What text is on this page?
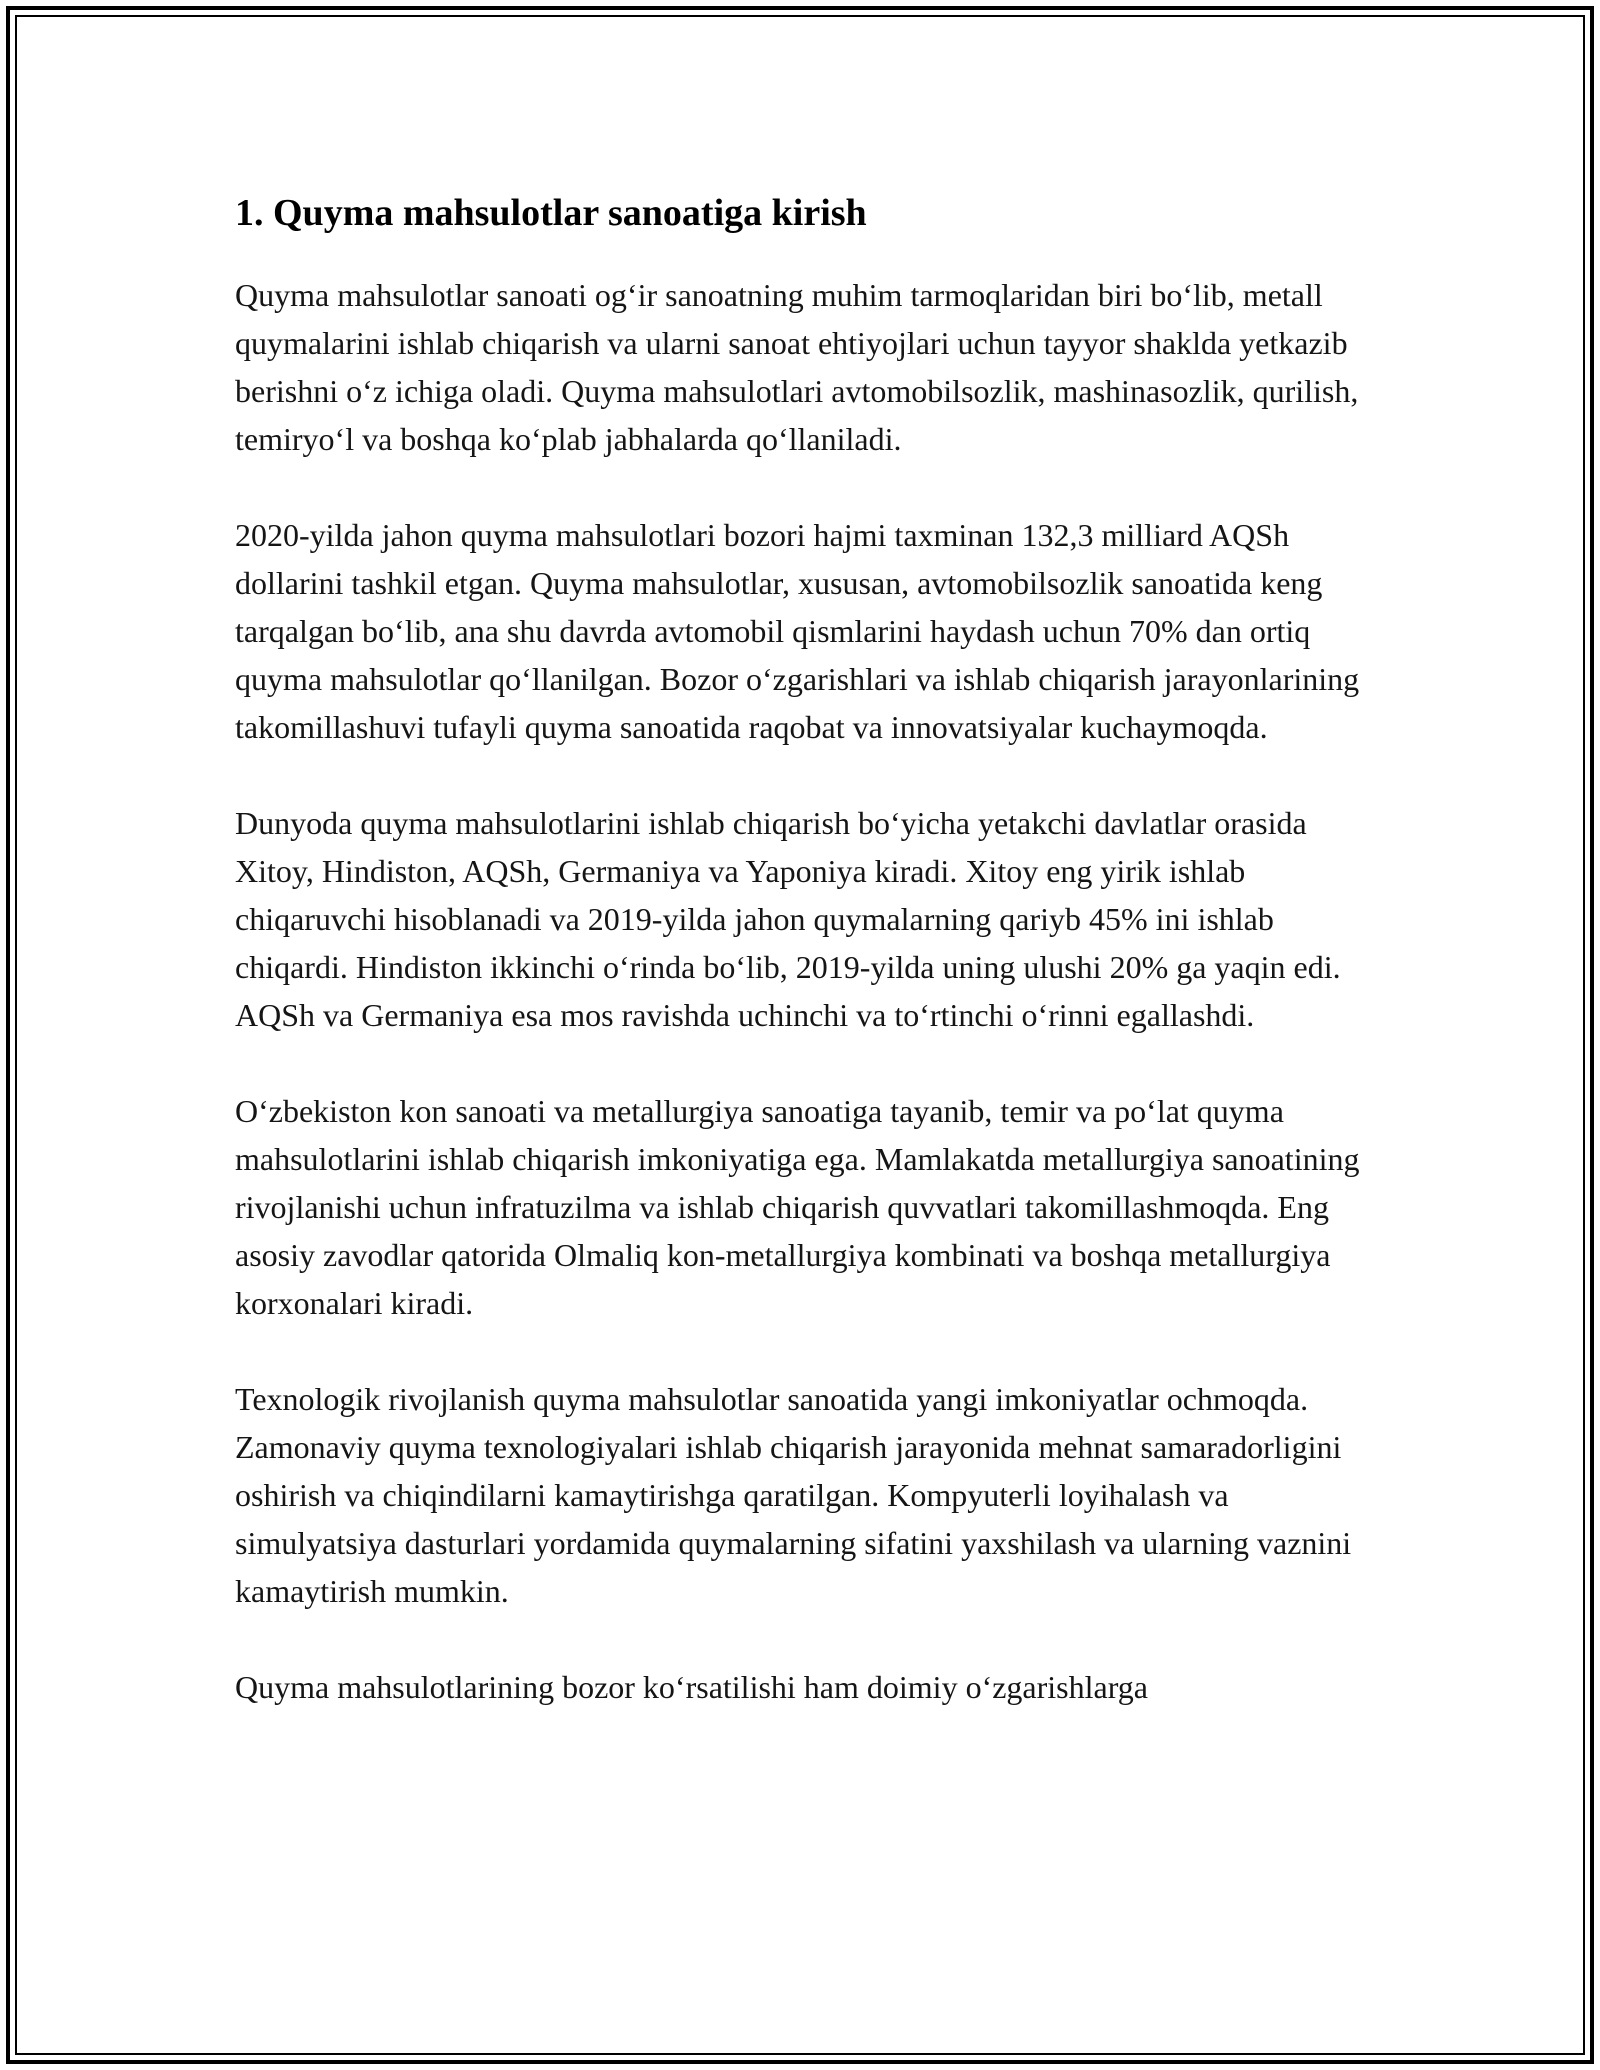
1. Quyma mahsulotlar sanoatiga kirish

Quyma mahsulotlar sanoati og‘ir sanoatning muhim tarmoqlaridan biri bo‘lib, metall quymalarini ishlab chiqarish va ularni sanoat ehtiyojlari uchun tayyor shaklda yetkazib berishni o‘z ichiga oladi. Quyma mahsulotlari avtomobilsozlik, mashinasozlik, qurilish, temiryo‘l va boshqa ko‘plab jabhalarda qo‘llaniladi.

2020-yilda jahon quyma mahsulotlari bozori hajmi taxminan 132,3 milliard AQSh dollarini tashkil etgan. Quyma mahsulotlar, xususan, avtomobilsozlik sanoatida keng tarqalgan bo‘lib, ana shu davrda avtomobil qismlarini haydash uchun 70% dan ortiq quyma mahsulotlar qo‘llanilgan. Bozor o‘zgarishlari va ishlab chiqarish jarayonlarining takomillashuvi tufayli quyma sanoatida raqobat va innovatsiyalar kuchaymoqda.

Dunyoda quyma mahsulotlarini ishlab chiqarish bo‘yicha yetakchi davlatlar orasida Xitoy, Hindiston, AQSh, Germaniya va Yaponiya kiradi. Xitoy eng yirik ishlab chiqaruvchi hisoblanadi va 2019-yilda jahon quymalarning qariyb 45% ini ishlab chiqardi. Hindiston ikkinchi o‘rinda bo‘lib, 2019-yilda uning ulushi 20% ga yaqin edi. AQSh va Germaniya esa mos ravishda uchinchi va to‘rtinchi o‘rinni egallashdi.

O‘zbekiston kon sanoati va metallurgiya sanoatiga tayanib, temir va po‘lat quyma mahsulotlarini ishlab chiqarish imkoniyatiga ega. Mamlakatda metallurgiya sanoatining rivojlanishi uchun infratuzilma va ishlab chiqarish quvvatlari takomillashmoqda. Eng asosiy zavodlar qatorida Olmaliq kon-metallurgiya kombinati va boshqa metallurgiya korxonalari kiradi.

Texnologik rivojlanish quyma mahsulotlar sanoatida yangi imkoniyatlar ochmoqda. Zamonaviy quyma texnologiyalari ishlab chiqarish jarayonida mehnat samaradorligini oshirish va chiqindilarni kamaytirishga qaratilgan. Kompyuterli loyihalash va simulyatsiya dasturlari yordamida quymalarning sifatini yaxshilash va ularning vaznini kamaytirish mumkin.

Quyma mahsulotlarining bozor ko‘rsatilishi ham doimiy o‘zgarishlarga
